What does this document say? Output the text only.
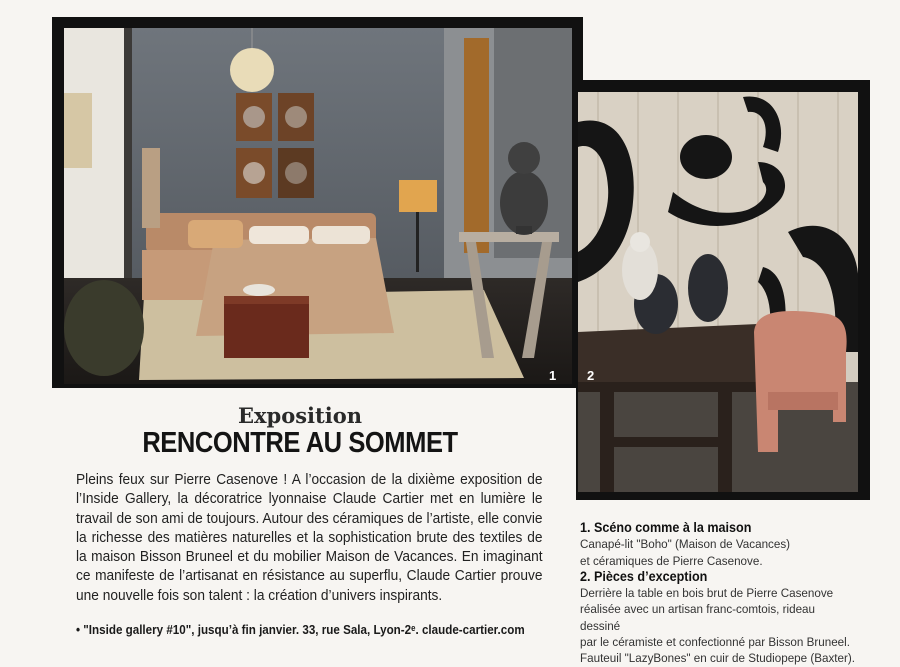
1 2
Exposition
RENCONTRE AU SOMMET
Pleins feux sur Pierre Casenove ! A l’occasion de la dixième exposition de l’Inside Gallery, la décoratrice lyonnaise Claude Cartier met en lumière le travail de son ami de toujours. Autour des céramiques de l’artiste, elle convie la richesse des matières naturelles et la sophistication brute des textiles de la maison Bisson Bruneel et du mobilier Maison de Vacances. En imaginant ce manifeste de l’artisanat en résistance au superflu, Claude Cartier prouve une nouvelle fois son talent : la création d’univers inspirants.
• "Inside gallery #10", jusqu’à fin janvier. 33, rue Sala, Lyon-2ᵉ. claude-cartier.com
1. Scéno comme à la maison
Canapé-lit "Boho" (Maison de Vacances)
et céramiques de Pierre Casenove.
2. Pièces d’exception
Derrière la table en bois brut de Pierre Casenove
réalisée avec un artisan franc-comtois, rideau dessiné
par le céramiste et confectionné par Bisson Bruneel.
Fauteuil "LazyBones" en cuir de Studiopepe (Baxter).
